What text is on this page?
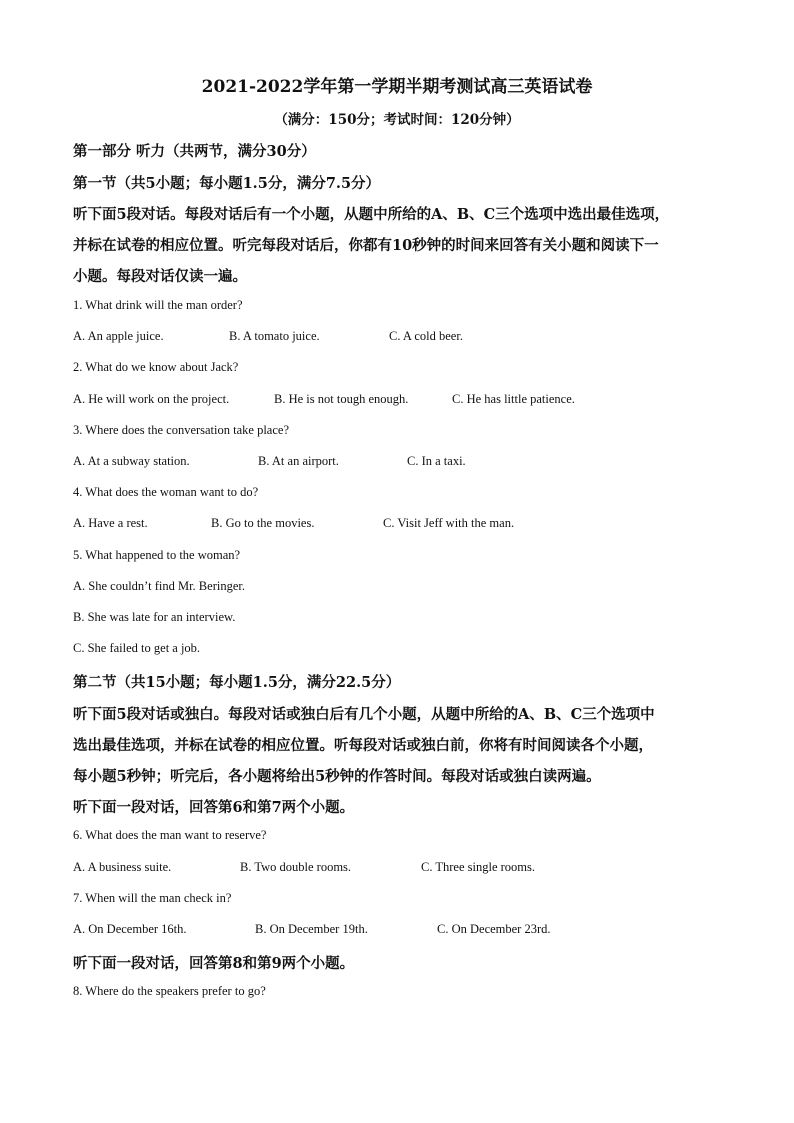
2021-2022学年第一学期半期考测试高三英语试卷
（满分：150分；考试时间：120分钟）
第一部分 听力（共两节，满分30分）
第一节（共5小题；每小题1.5分，满分7.5分）
听下面5段对话。每段对话后有一个小题，从题中所给的A、B、C三个选项中选出最佳选项，
并标在试卷的相应位置。听完每段对话后，你都有10秒钟的时间来回答有关小题和阅读下一
小题。每段对话仅读一遍。
1. What drink will the man order?
A. An apple juice.	B. A tomato juice.	C. A cold beer.
2. What do we know about Jack?
A. He will work on the project.	B. He is not tough enough.	C. He has little patience.
3. Where does the conversation take place?
A. At a subway station.	B. At an airport.	C. In a taxi.
4. What does the woman want to do?
A. Have a rest.	B. Go to the movies.	C. Visit Jeff with the man.
5. What happened to the woman?
A. She couldn’t find Mr. Beringer.
B. She was late for an interview.
C. She failed to get a job.
第二节（共15小题；每小题1.5分，满分22.5分）
听下面5段对话或独白。每段对话或独白后有几个小题，从题中所给的A、B、C三个选项中
选出最佳选项，并标在试卷的相应位置。听每段对话或独白前，你将有时间阅读各个小题，
每小题5秒钟；听完后，各小题将给出5秒钟的作答时间。每段对话或独白读两遍。
听下面一段对话，回答第6和第7两个小题。
6. What does the man want to reserve?
A. A business suite.	B. Two double rooms.	C. Three single rooms.
7. When will the man check in?
A. On December 16th.	B. On December 19th.	C. On December 23rd.
听下面一段对话，回答第8和第9两个小题。
8. Where do the speakers prefer to go?
